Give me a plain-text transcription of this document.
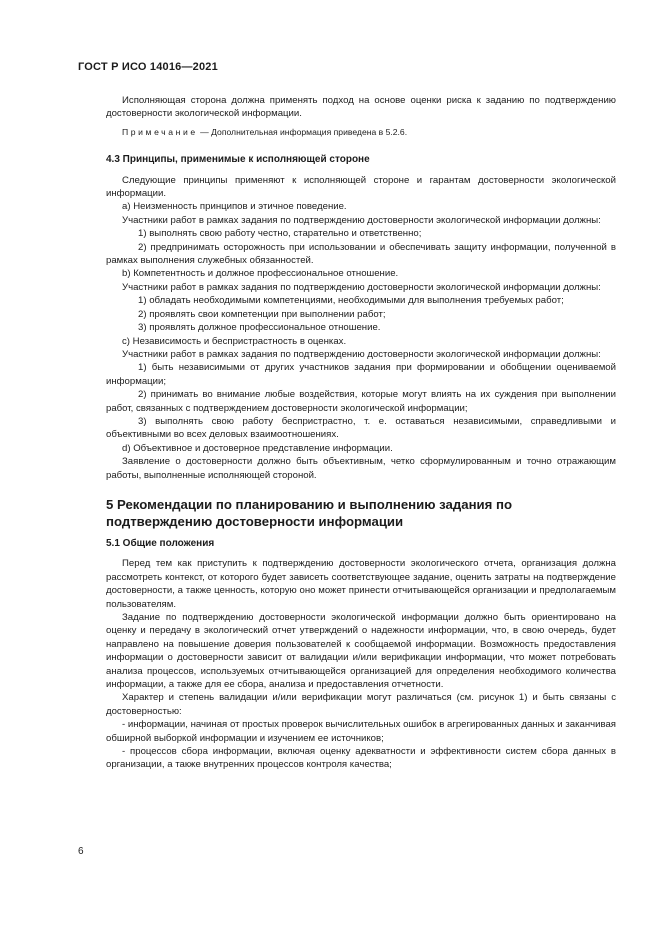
ГОСТ Р ИСО 14016—2021

Исполняющая сторона должна применять подход на основе оценки риска к заданию по подтверждению достоверности экологической информации.

Примечание — Дополнительная информация приведена в 5.2.6.

4.3 Принципы, применимые к исполняющей стороне

Следующие принципы применяют к исполняющей стороне и гарантам достоверности экологической информации.

a) Неизменность принципов и этичное поведение.

Участники работ в рамках задания по подтверждению достоверности экологической информации должны:

1) выполнять свою работу честно, старательно и ответственно;

2) предпринимать осторожность при использовании и обеспечивать защиту информации, полученной в рамках выполнения служебных обязанностей.

b) Компетентность и должное профессиональное отношение.

Участники работ в рамках задания по подтверждению достоверности экологической информации должны:

1) обладать необходимыми компетенциями, необходимыми для выполнения требуемых работ;

2) проявлять свои компетенции при выполнении работ;

3) проявлять должное профессиональное отношение.

c) Независимость и беспристрастность в оценках.

Участники работ в рамках задания по подтверждению достоверности экологической информации должны:

1) быть независимыми от других участников задания при формировании и обобщении оцениваемой информации;

2) принимать во внимание любые воздействия, которые могут влиять на их суждения при выполнении работ, связанных с подтверждением достоверности экологической информации;

3) выполнять свою работу беспристрастно, т. е. оставаться независимыми, справедливыми и объективными во всех деловых взаимоотношениях.

d) Объективное и достоверное представление информации.

Заявление о достоверности должно быть объективным, четко сформулированным и точно отражающим работы, выполненные исполняющей стороной.

5 Рекомендации по планированию и выполнению задания по подтверждению достоверности информации

5.1 Общие положения

Перед тем как приступить к подтверждению достоверности экологического отчета, организация должна рассмотреть контекст, от которого будет зависеть соответствующее задание, оценить затраты на подтверждение достоверности, а также ценность, которую оно может принести отчитывающейся организации и предполагаемым пользователям.

Задание по подтверждению достоверности экологической информации должно быть ориентировано на оценку и передачу в экологический отчет утверждений о надежности информации, что, в свою очередь, будет направлено на повышение доверия пользователей к сообщаемой информации. Возможность предоставления информации о достоверности зависит от валидации и/или верификации информации, что может потребовать анализа процессов, используемых отчитывающейся организацией для определения необходимого количества информации, а также для ее сбора, анализа и предоставления отчетности.

Характер и степень валидации и/или верификации могут различаться (см. рисунок 1) и быть связаны с достоверностью:

- информации, начиная от простых проверок вычислительных ошибок в агрегированных данных и заканчивая обширной выборкой информации и изучением ее источников;

- процессов сбора информации, включая оценку адекватности и эффективности систем сбора данных в организации, а также внутренних процессов контроля качества;

6
